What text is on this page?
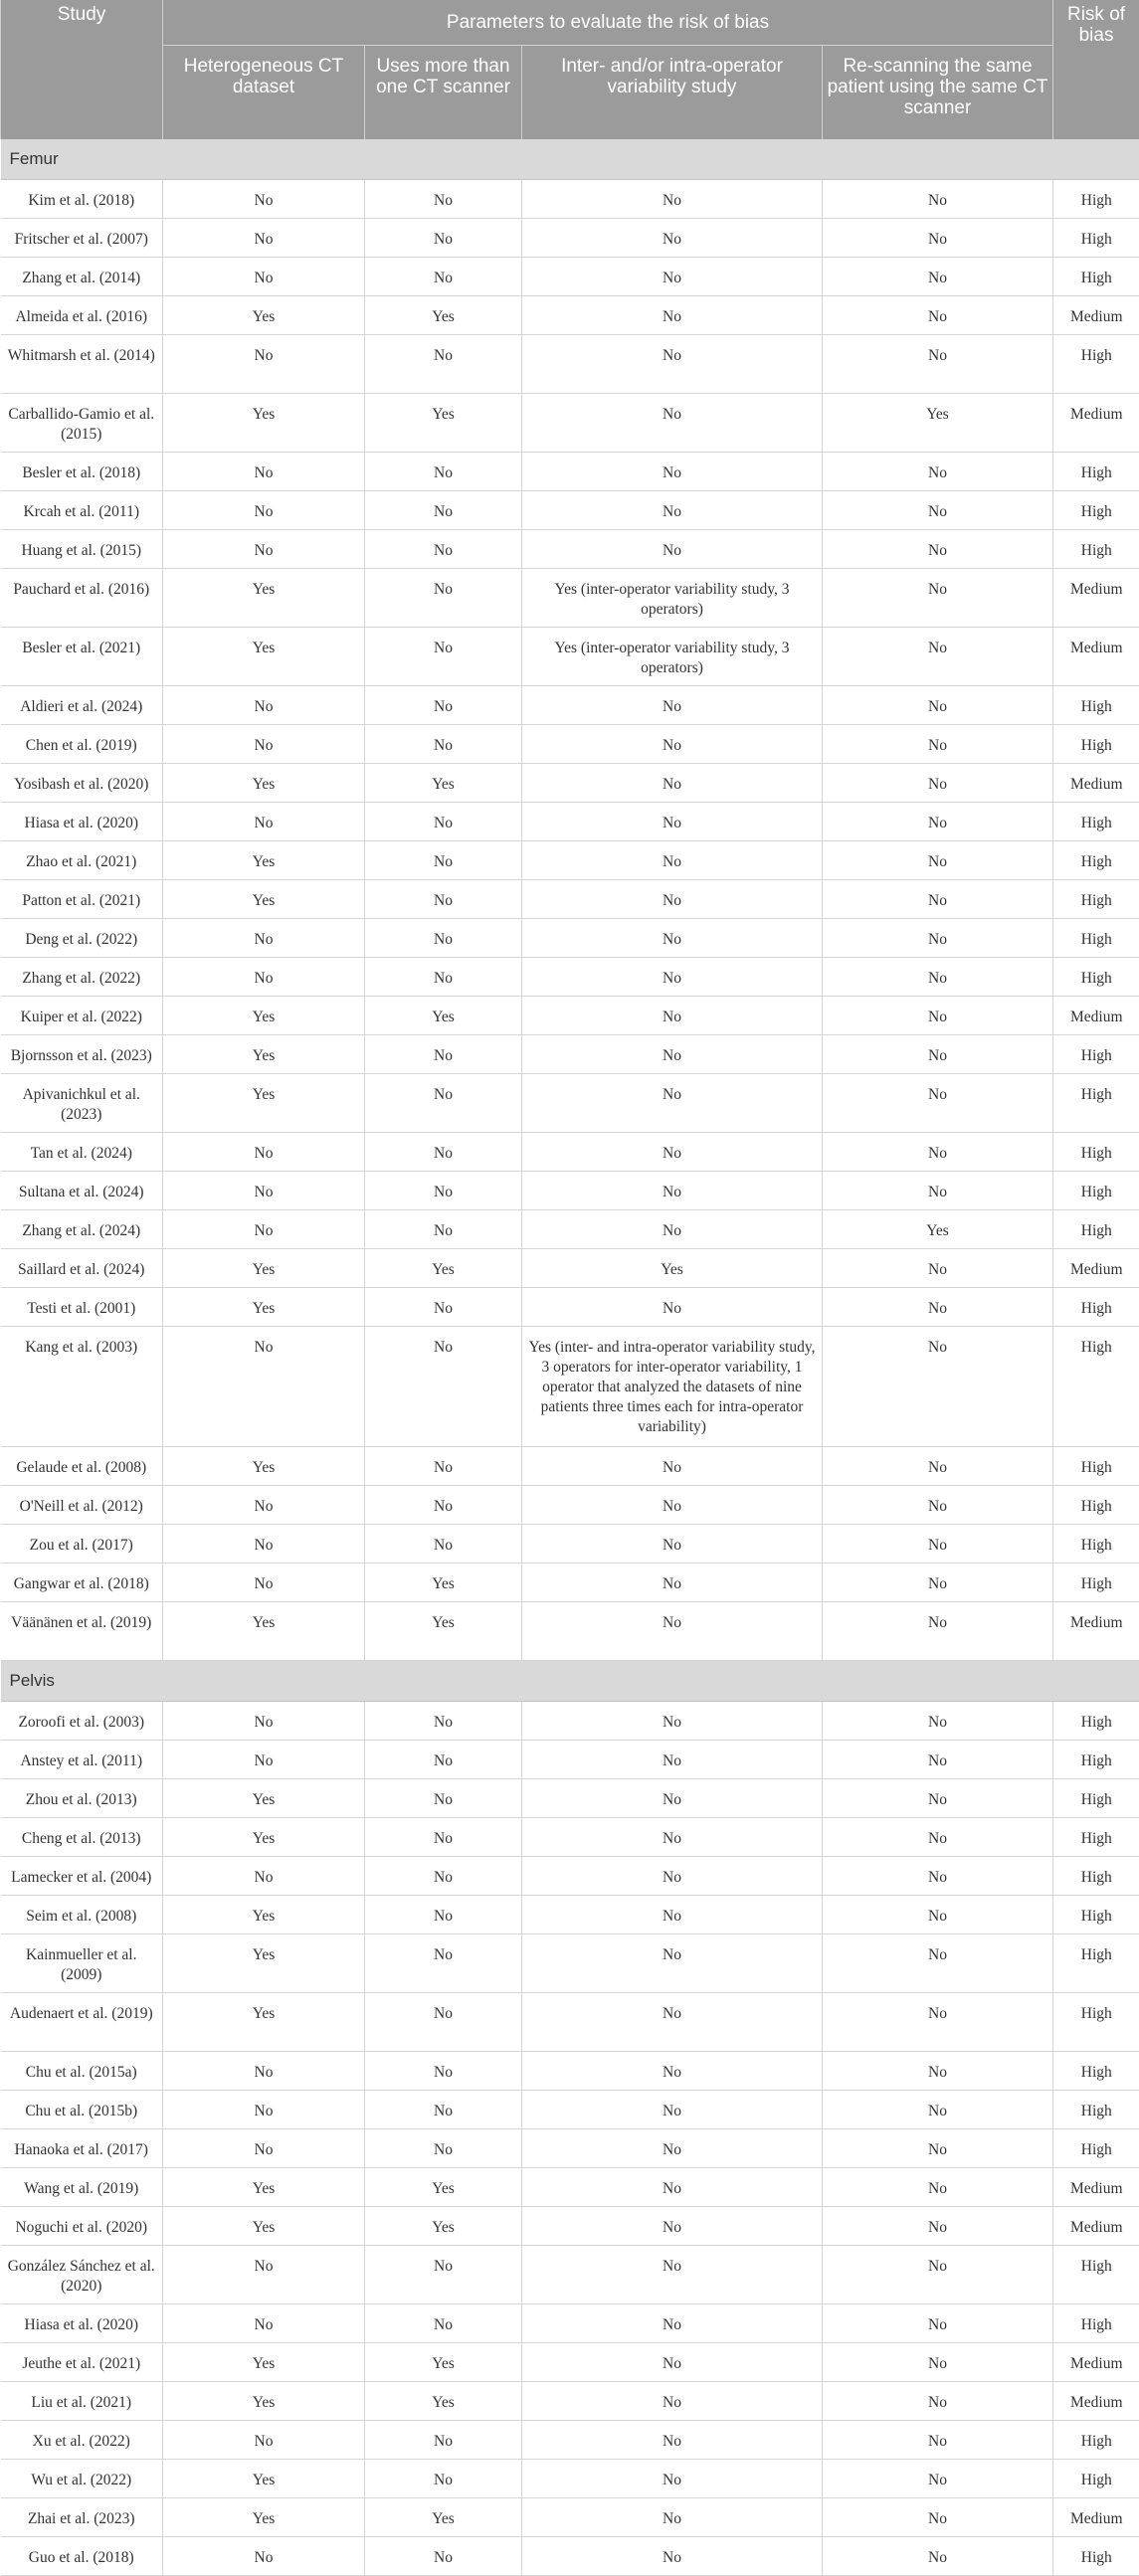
Study	Parameters to evaluate the risk of bias				Risk of bias
	Heterogeneous CT dataset	Uses more than one CT scanner	Inter- and/or intra-operator variability study	Re-scanning the same patient using the same CT scanner	
Femur					
Kim et al. (2018)	No	No	No	No	High
Fritscher et al. (2007)	No	No	No	No	High
Zhang et al. (2014)	No	No	No	No	High
Almeida et al. (2016)	Yes	Yes	No	No	Medium
Whitmarsh et al. (2014)	No	No	No	No	High
Carballido-Gamio et al. (2015)	Yes	Yes	No	Yes	Medium
Besler et al. (2018)	No	No	No	No	High
Krcah et al. (2011)	No	No	No	No	High
Huang et al. (2015)	No	No	No	No	High
Pauchard et al. (2016)	Yes	No	Yes (inter-operator variability study, 3 operators)	No	Medium
Besler et al. (2021)	Yes	No	Yes (inter-operator variability study, 3 operators)	No	Medium
Aldieri et al. (2024)	No	No	No	No	High
Chen et al. (2019)	No	No	No	No	High
Yosibash et al. (2020)	Yes	Yes	No	No	Medium
Hiasa et al. (2020)	No	No	No	No	High
Zhao et al. (2021)	Yes	No	No	No	High
Patton et al. (2021)	Yes	No	No	No	High
Deng et al. (2022)	No	No	No	No	High
Zhang et al. (2022)	No	No	No	No	High
Kuiper et al. (2022)	Yes	Yes	No	No	Medium
Bjornsson et al. (2023)	Yes	No	No	No	High
Apivanichkul et al. (2023)	Yes	No	No	No	High
Tan et al. (2024)	No	No	No	No	High
Sultana et al. (2024)	No	No	No	No	High
Zhang et al. (2024)	No	No	No	Yes	High
Saillard et al. (2024)	Yes	Yes	Yes	No	Medium
Testi et al. (2001)	Yes	No	No	No	High
Kang et al. (2003)	No	No	Yes (inter- and intra-operator variability study, 3 operators for inter-operator variability, 1 operator that analyzed the datasets of nine patients three times each for intra-operator variability)	No	High
Gelaude et al. (2008)	Yes	No	No	No	High
O'Neill et al. (2012)	No	No	No	No	High
Zou et al. (2017)	No	No	No	No	High
Gangwar et al. (2018)	No	Yes	No	No	High
Väänänen et al. (2019)	Yes	Yes	No	No	Medium
Pelvis					
Zoroofi et al. (2003)	No	No	No	No	High
Anstey et al. (2011)	No	No	No	No	High
Zhou et al. (2013)	Yes	No	No	No	High
Cheng et al. (2013)	Yes	No	No	No	High
Lamecker et al. (2004)	No	No	No	No	High
Seim et al. (2008)	Yes	No	No	No	High
Kainmueller et al. (2009)	Yes	No	No	No	High
Audenaert et al. (2019)	Yes	No	No	No	High
Chu et al. (2015a)	No	No	No	No	High
Chu et al. (2015b)	No	No	No	No	High
Hanaoka et al. (2017)	No	No	No	No	High
Wang et al. (2019)	Yes	Yes	No	No	Medium
Noguchi et al. (2020)	Yes	Yes	No	No	Medium
González Sánchez et al. (2020)	No	No	No	No	High
Hiasa et al. (2020)	No	No	No	No	High
Jeuthe et al. (2021)	Yes	Yes	No	No	Medium
Liu et al. (2021)	Yes	Yes	No	No	Medium
Xu et al. (2022)	No	No	No	No	High
Wu et al. (2022)	Yes	No	No	No	High
Zhai et al. (2023)	Yes	Yes	No	No	Medium
Guo et al. (2018)	No	No	No	No	High
